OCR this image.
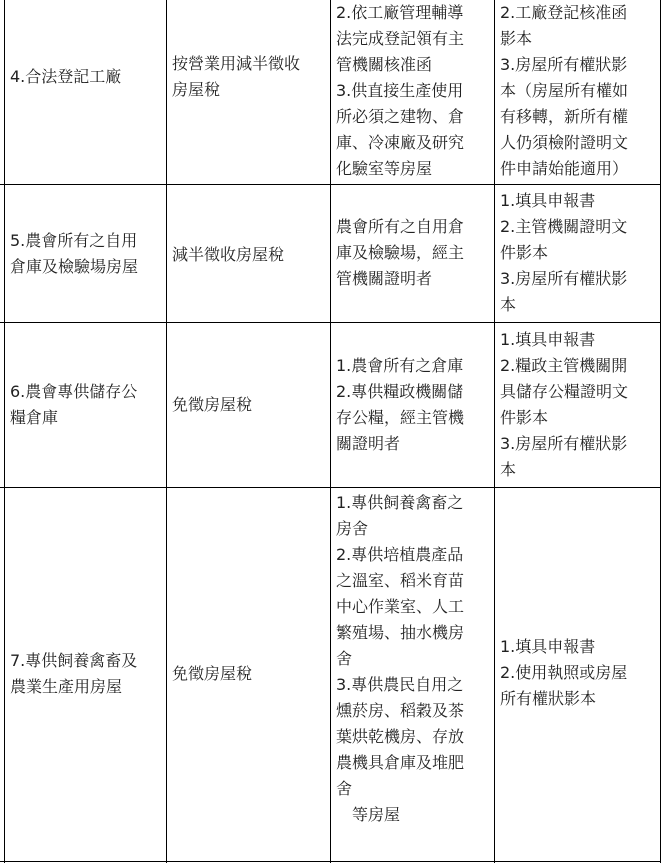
4.合法登記工廠

按營業用減半徵收

房屋稅

2.依工廠管理輔導

法完成登記領有主

管機關核准函

3.供直接生產使用

所必須之建物、倉

庫、冷凍廠及研究

化驗室等房屋

2.工廠登記核准函

影本

3.房屋所有權狀影

本（房屋所有權如

有移轉，新所有權

人仍須檢附證明文

件申請始能適用）

5.農會所有之自用

倉庫及檢驗場房屋

減半徵收房屋稅

農會所有之自用倉

庫及檢驗場，經主

管機關證明者

1.填具申報書

2.主管機關證明文

件影本

3.房屋所有權狀影

本

6.農會專供儲存公

糧倉庫

免徵房屋稅

1.農會所有之倉庫

2.專供糧政機關儲

存公糧，經主管機

關證明者

1.填具申報書

2.糧政主管機關開

具儲存公糧證明文

件影本

3.房屋所有權狀影

本

7.專供飼養禽畜及

農業生產用房屋

免徵房屋稅

1.專供飼養禽畜之

房舍

2.專供培植農產品

之溫室、稻米育苗

中心作業室、人工

繁殖場、抽水機房

舍

3.專供農民自用之

燻菸房、稻穀及茶

葉烘乾機房、存放

農機具倉庫及堆肥

舍

　等房屋

1.填具申報書

2.使用執照或房屋

所有權狀影本
